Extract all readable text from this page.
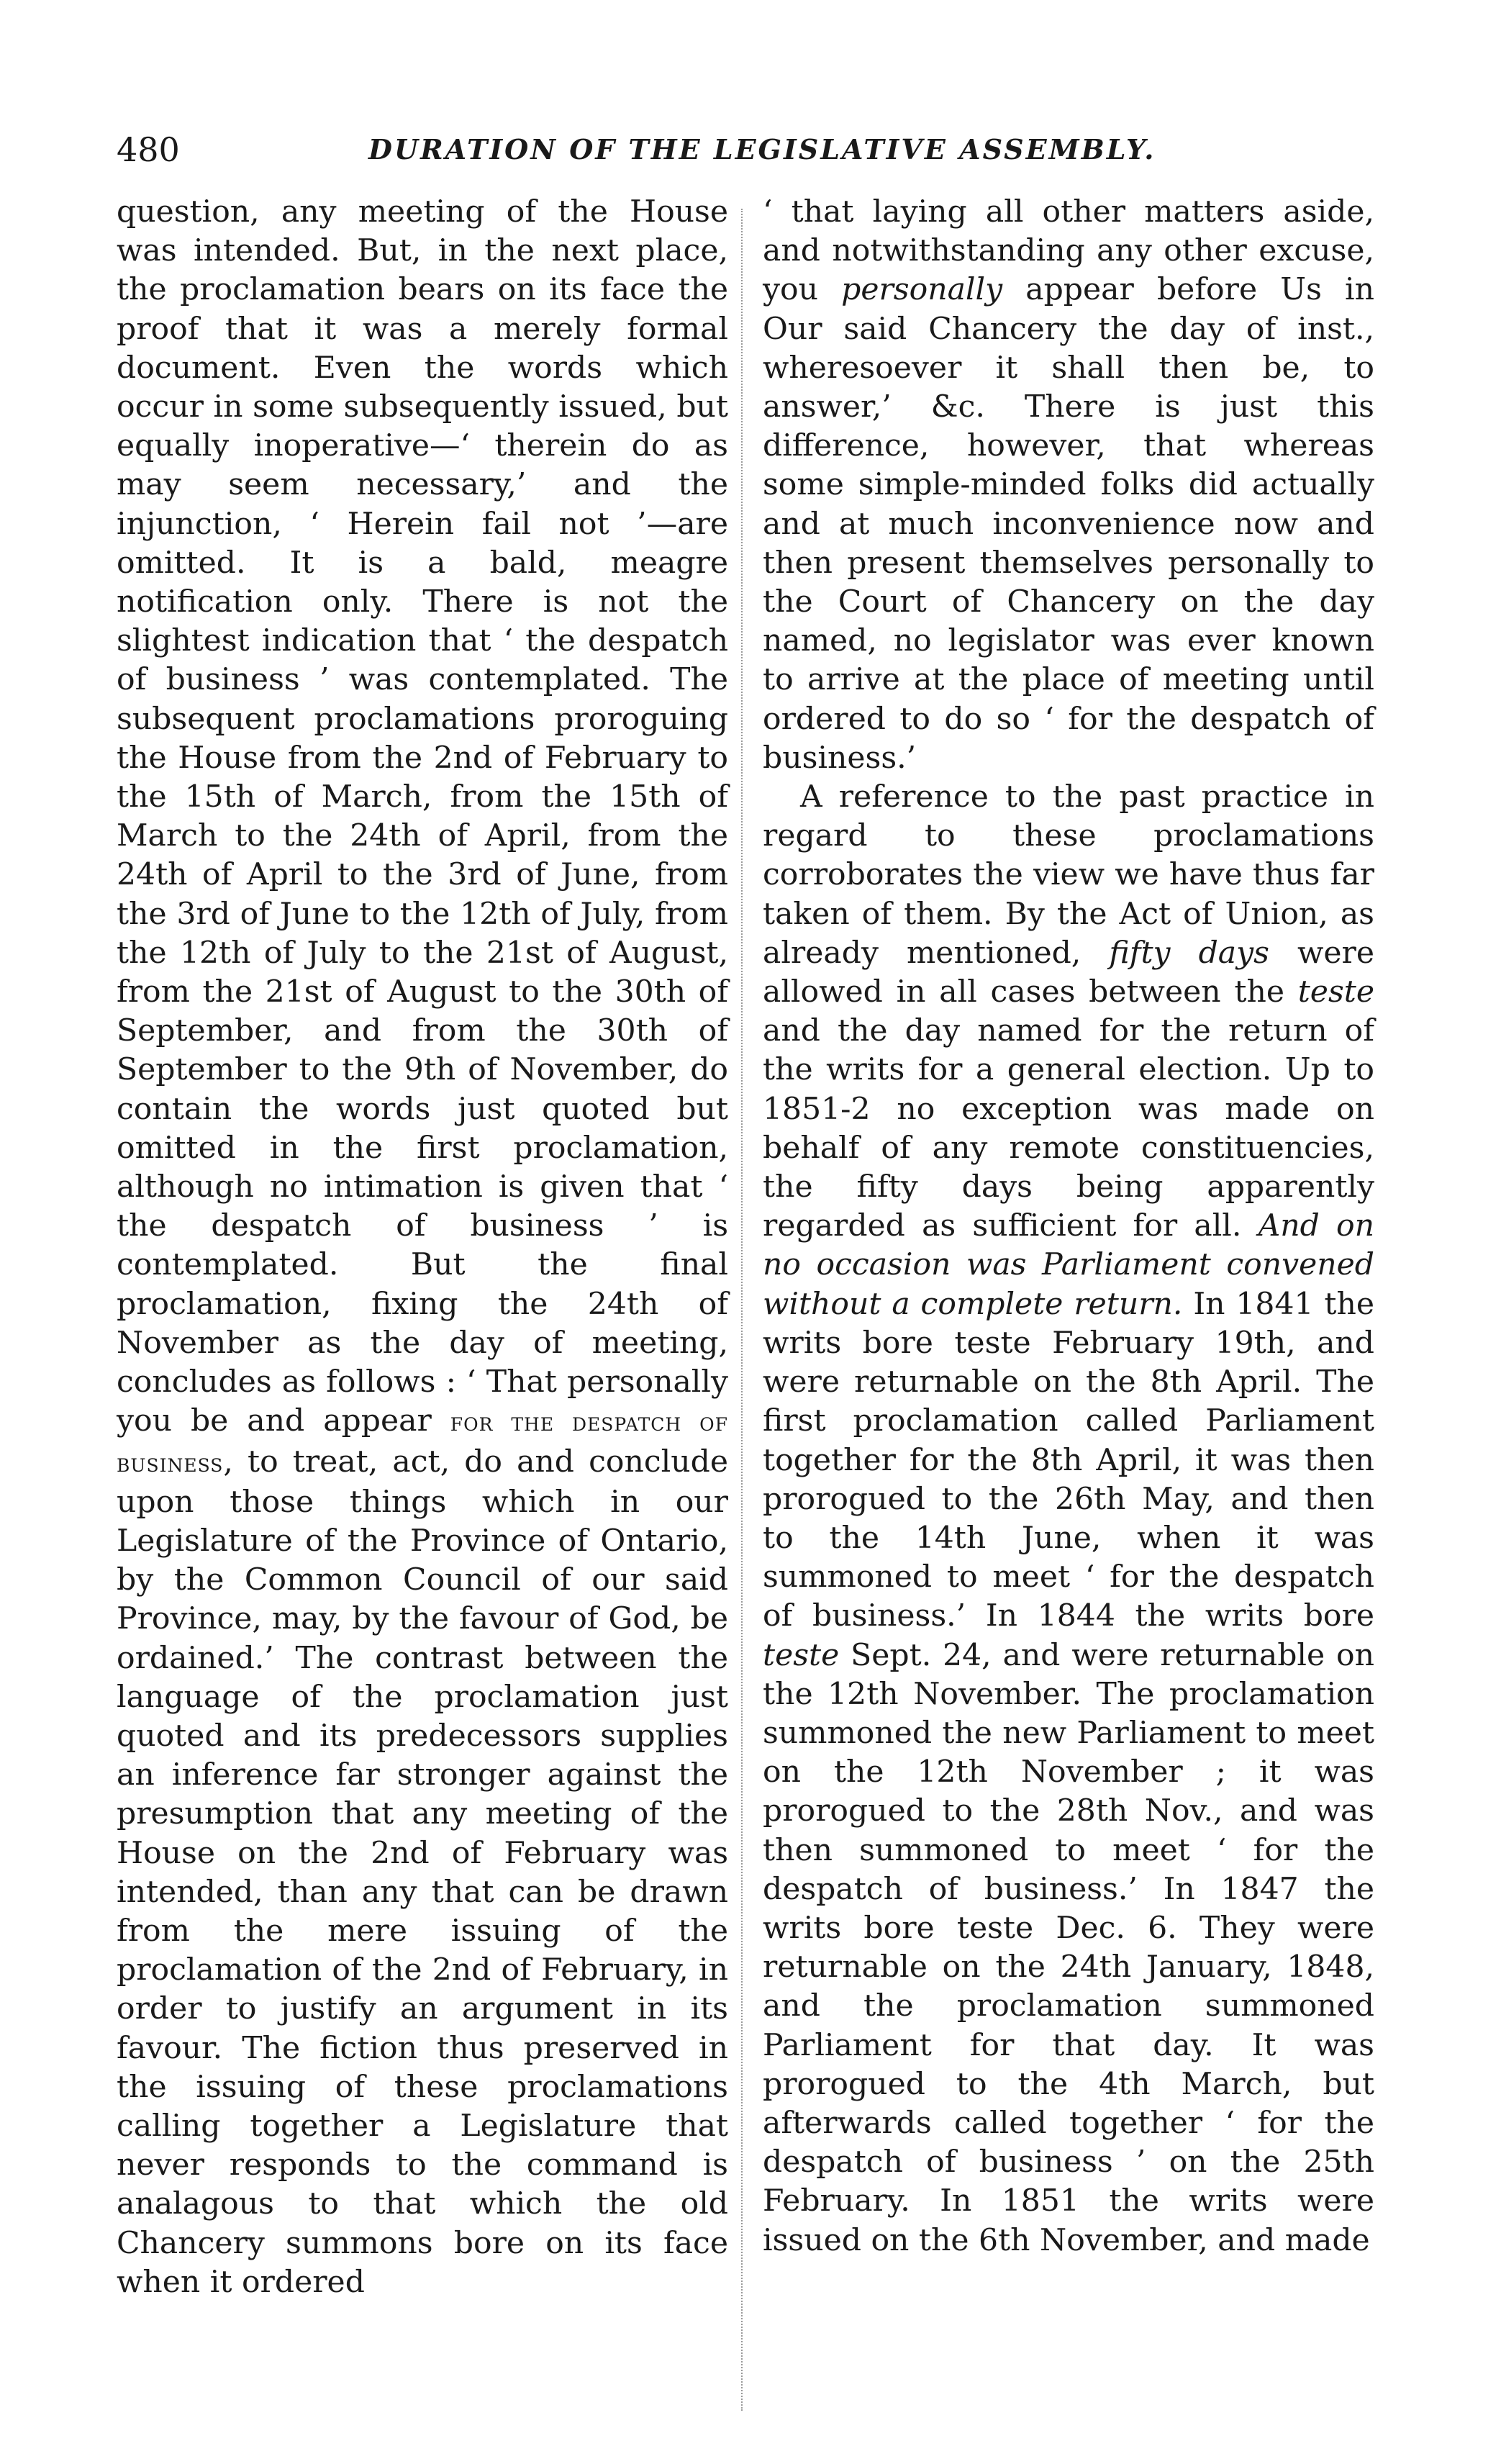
480	DURATION OF THE LEGISLATIVE ASSEMBLY.

question, any meeting of the House was intended. But, in the next place, the proclamation bears on its face the proof that it was a merely formal document. Even the words which occur in some subsequently issued, but equally inoperative—‘ therein do as may seem necessary,’ and the injunction, ‘ Herein fail not ’—are omitted. It is a bald, meagre notification only. There is not the slightest indication that ‘ the despatch of business ’ was contemplated. The subsequent proclamations proroguing the House from the 2nd of February to the 15th of March, from the 15th of March to the 24th of April, from the 24th of April to the 3rd of June, from the 3rd of June to the 12th of July, from the 12th of July to the 21st of August, from the 21st of August to the 30th of September, and from the 30th of September to the 9th of November, do contain the words just quoted but omitted in the first proclamation, although no intimation is given that ‘ the despatch of business ’ is contemplated. But the final proclamation, fixing the 24th of November as the day of meeting, concludes as follows : ‘ That personally you be and appear for the despatch of business, to treat, act, do and conclude upon those things which in our Legislature of the Province of Ontario, by the Common Council of our said Province, may, by the favour of God, be ordained.’ The contrast between the language of the proclamation just quoted and its predecessors supplies an inference far stronger against the presumption that any meeting of the House on the 2nd of February was intended, than any that can be drawn from the mere issuing of the proclamation of the 2nd of February, in order to justify an argument in its favour. The fiction thus preserved in the issuing of these proclamations calling together a Legislature that never responds to the command is analagous to that which the old Chancery summons bore on its face when it ordered

‘ that laying all other matters aside, and notwithstanding any other excuse, you personally appear before Us in Our said Chancery the day of inst., wheresoever it shall then be, to answer,’ &c. There is just this difference, however, that whereas some simple-minded folks did actually and at much inconvenience now and then present themselves personally to the Court of Chancery on the day named, no legislator was ever known to arrive at the place of meeting until ordered to do so ‘ for the despatch of business.’

A reference to the past practice in regard to these proclamations corroborates the view we have thus far taken of them. By the Act of Union, as already mentioned, fifty days were allowed in all cases between the teste and the day named for the return of the writs for a general election. Up to 1851-2 no exception was made on behalf of any remote constituencies, the fifty days being apparently regarded as sufficient for all. And on no occasion was Parliament convened without a complete return. In 1841 the writs bore teste February 19th, and were returnable on the 8th April. The first proclamation called Parliament together for the 8th April, it was then prorogued to the 26th May, and then to the 14th June, when it was summoned to meet ‘ for the despatch of business.’ In 1844 the writs bore teste Sept. 24, and were returnable on the 12th November. The proclamation summoned the new Parliament to meet on the 12th November ; it was prorogued to the 28th Nov., and was then summoned to meet ‘ for the despatch of business.’ In 1847 the writs bore teste Dec. 6. They were returnable on the 24th January, 1848, and the proclamation summoned Parliament for that day. It was prorogued to the 4th March, but afterwards called together ‘ for the despatch of business ’ on the 25th February. In 1851 the writs were issued on the 6th November, and made
